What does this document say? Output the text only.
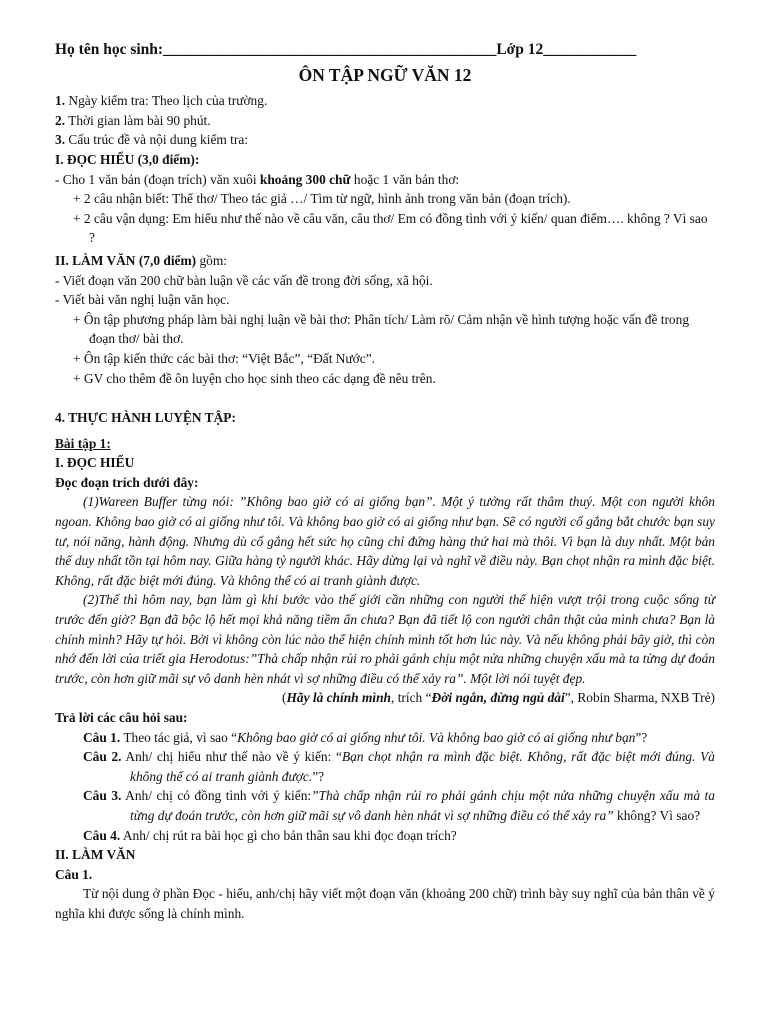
Họ tên học sinh:___________________________________________Lớp 12____________
ÔN TẬP NGỮ VĂN 12

1. Ngày kiểm tra: Theo lịch của trường.

2. Thời gian làm bài 90 phút.

3. Cấu trúc đề và nội dung kiểm tra:

I. ĐỌC HIỂU (3,0 điểm):

- Cho 1 văn bản (đoạn trích) văn xuôi khoảng 300 chữ hoặc 1 văn bản thơ:

+ 2 câu nhận biết: Thể thơ/ Theo tác giả …/ Tìm từ ngữ, hình ảnh trong văn bản (đoạn trích).

+ 2 câu vận dụng: Em hiểu như thế nào về câu văn, câu thơ/ Em có đồng tình với ý kiến/ quan điểm…. không ? Vì sao ?

II. LÀM VĂN (7,0 điểm) gồm:

- Viết đoạn văn 200 chữ bàn luận về các vấn đề trong đời sống, xã hội.

- Viết bài văn nghị luận văn học.

+ Ôn tập phương pháp làm bài nghị luận về bài thơ: Phân tích/ Làm rõ/ Cảm nhận về hình tượng hoặc vấn đề trong đoạn thơ/ bài thơ.

+ Ôn tập kiến thức các bài thơ: “Việt Bắc”, “Đất Nước”.

+ GV cho thêm đề ôn luyện cho học sinh theo các dạng đề nêu trên.

4. THỰC HÀNH LUYỆN TẬP:

Bài tập 1:

I. ĐỌC HIỂU

Đọc đoạn trích dưới đây:

(1)Wareen Buffer từng nói: ”Không bao giờ có ai giống bạn”. Một ý tưởng rất thâm thuý. Một con người khôn ngoan. Không bao giờ có ai giống như tôi. Và không bao giờ có ai giống như bạn. Sẽ có người cố gắng bắt chước bạn suy tư, nói năng, hành động. Nhưng dù cố gắng hết sức họ cũng chỉ đứng hàng thứ hai mà thôi. Vì bạn là duy nhất. Một bản thể duy nhất tồn tại hôm nay. Giữa hàng tỷ người khác. Hãy dừng lại và nghĩ về điều này. Bạn chọt nhận ra mình đặc biệt. Không, rất đặc biệt mới đúng. Và không thể có ai tranh giành được.

(2)Thế thì hôm nay, bạn làm gì khi bước vào thế giới cần những con người thể hiện vượt trội trong cuộc sống từ trước đến giờ? Bạn đã bộc lộ hết mọi khả năng tiềm ẩn chưa? Bạn đã tiết lộ con người chân thật của mình chưa? Bạn là chính mình? Hãy tự hỏi. Bởi vì không còn lúc nào thể hiện chính mình tốt hơn lúc này. Và nếu không phải bây giờ, thì còn nhớ đến lời của triết gia Herodotus:”Thà chấp nhận rủi ro phải gánh chịu một nửa những chuyện xấu mà ta từng dự đoán trước, còn hơn giữ mãi sự vô danh hèn nhát vì sợ những điều có thể xảy ra”. Một lời nói tuyệt đẹp.

(Hãy là chính mình, trích “Đời ngắn, đừng ngủ dài”, Robin Sharma, NXB Trẻ)

Trả lời các câu hỏi sau:

Câu 1. Theo tác giả, vì sao “Không bao giờ có ai giống như tôi. Và không bao giờ có ai giống như bạn”?

Câu 2. Anh/ chị hiểu như thế nào về ý kiến: “Bạn chọt nhận ra mình đặc biệt. Không, rất đặc biệt mới đúng. Và không thể có ai tranh giành được.”?

Câu 3. Anh/ chị có đồng tình với ý kiến:”Thà chấp nhận rủi ro phải gánh chịu một nửa những chuyện xấu mà ta từng dự đoán trước, còn hơn giữ mãi sự vô danh hèn nhát vì sợ những điều có thể xảy ra” không? Vì sao?

Câu 4. Anh/ chị rút ra bài học gì cho bản thân sau khi đọc đoạn trích?

II. LÀM VĂN

Câu 1.

Từ nội dung ở phần Đọc - hiểu, anh/chị hãy viết một đoạn văn (khoảng 200 chữ) trình bày suy nghĩ của bản thân về ý nghĩa khi được sống là chính mình.
